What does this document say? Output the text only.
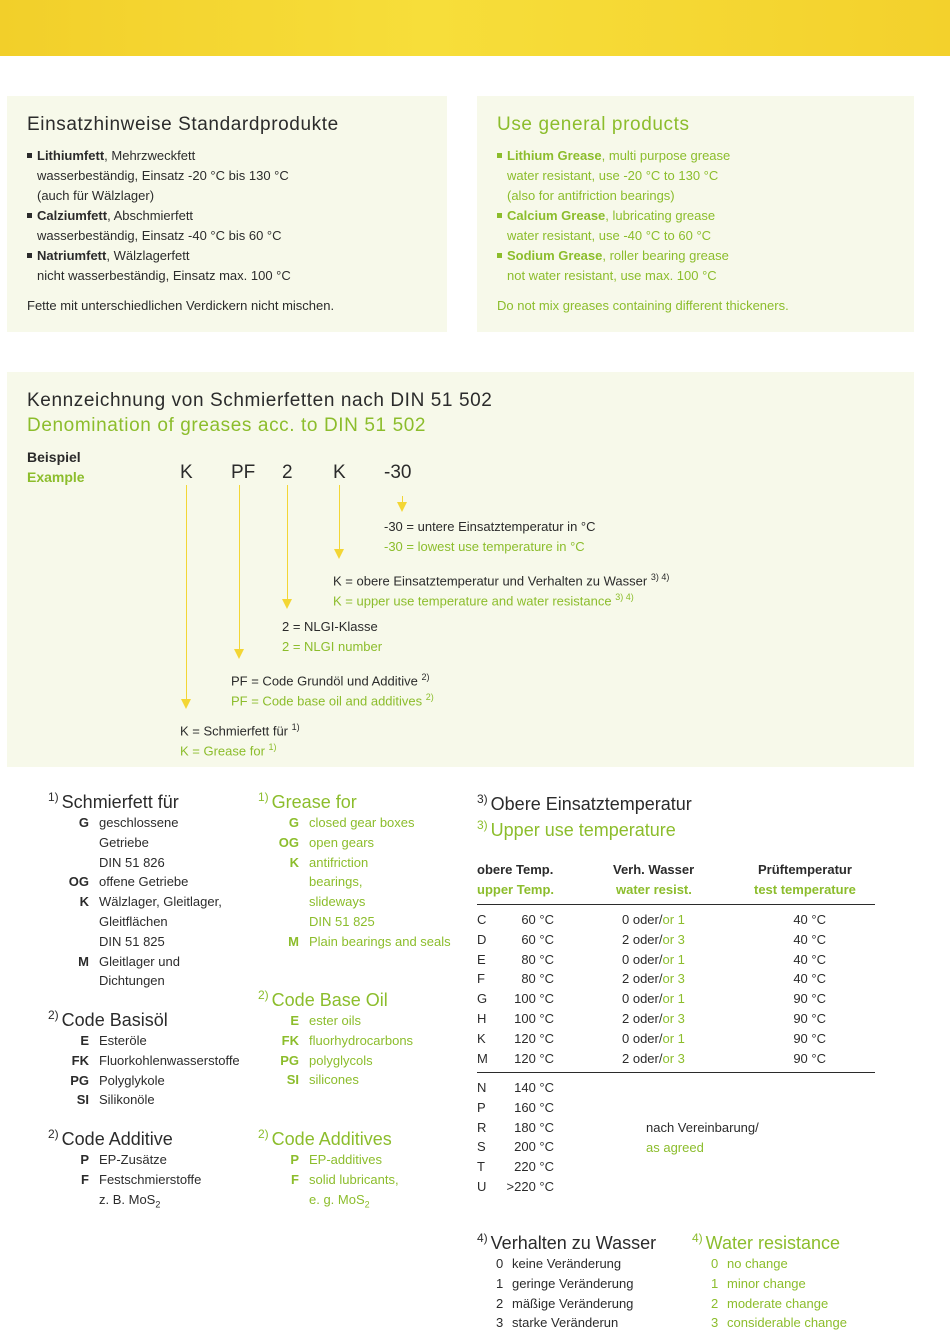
Einsatzhinweise Standardprodukte
Lithiumfett, Mehrzweckfett
wasserbeständig, Einsatz -20 °C bis 130 °C
(auch für Wälzlager)
Calziumfett, Abschmierfett
wasserbeständig, Einsatz -40 °C bis 60 °C
Natriumfett, Wälzlagerfett
nicht wasserbeständig, Einsatz max. 100 °C
Fette mit unterschiedlichen Verdickern nicht mischen.
Use general products
Lithium Grease, multi purpose grease
water resistant, use -20 °C to 130 °C
(also for antifriction bearings)
Calcium Grease, lubricating grease
water resistant, use -40 °C to 60 °C
Sodium Grease, roller bearing grease
not water resistant, use max. 100 °C
Do not mix greases containing different thickeners.
Kennzeichnung von Schmierfetten nach DIN 51 502
Denomination of greases acc. to DIN 51 502
Beispiel
Example	K PF 2 K -30
-30 = untere Einsatztemperatur in °C
-30 = lowest use temperature in °C
K = obere Einsatztemperatur und Verhalten zu Wasser $^{3) 4)}$
K = upper use temperature and water resistance $^{3) 4)}$
2 = NLGI-Klasse
2 = NLGI number
PF = Code Grundöl und Additive $^{2)}$
PF = Code base oil and additives $^{2)}$
K = Schmierfett für $^{1)}$
K = Grease for $^{1)}$
$^{1)}$ Schmierfett für
G geschlossene
Getriebe
DIN 51 826
OG offene Getriebe
K Wälzlager, Gleitlager,
Gleitflächen
DIN 51 825
M Gleitlager und
Dichtungen
$^{2)}$ Code Basisöl
E Esteröle
FK Fluorkohlenwasserstoffe
PG Polyglykole
SI Silikonöle
$^{2)}$ Code Additive
P EP-Zusätze
F Festschmierstoffe
z. B. MoS$_2$
$^{1)}$ Grease for
G closed gear boxes
OG open gears
K antifriction
bearings,
slideways
DIN 51 825
M Plain bearings and seals
$^{2)}$ Code Base Oil
E ester oils
FK fluorhydrocarbons
PG polyglycols
SI silicones
$^{2)}$ Code Additives
P EP-additives
F solid lubricants,
e. g. MoS$_2$
$^{3)}$ Obere Einsatztemperatur
$^{3)}$ Upper use temperature
obere Temp.	Verh. Wasser	Prüftemperatur
upper Temp.	water resist.	test temperature
C	60 °C	0 oder/or 1	40 °C
D	60 °C	2 oder/or 3	40 °C
E	80 °C	0 oder/or 1	40 °C
F	80 °C	2 oder/or 3	40 °C
G	100 °C	0 oder/or 1	90 °C
H	100 °C	2 oder/or 3	90 °C
K	120 °C	0 oder/or 1	90 °C
M	120 °C	2 oder/or 3	90 °C
N	140 °C
P	160 °C
R	180 °C
S	200 °C
T	220 °C
U	>220 °C
nach Vereinbarung/
as agreed
$^{4)}$ Verhalten zu Wasser	$^{4)}$ Water resistance
0 keine Veränderung
1 geringe Veränderung
2 mäßige Veränderung
3 starke Veränderun
0 no change
1 minor change
2 moderate change
3 considerable change
